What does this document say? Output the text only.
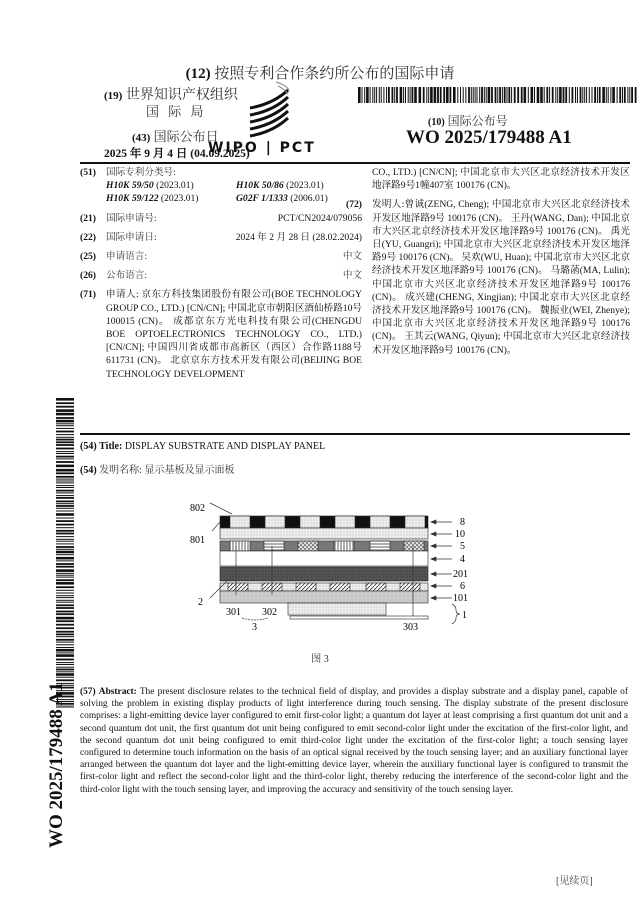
(12) 按照专利合作条约所公布的国际申请
(19) 世界知识产权组织
国 际 局
(43) 国际公布日
2025 年 9 月 4 日 (04.09.2025)
WIPO | PCT
(10) 国际公布号
WO 2025/179488 A1
(51)	国际专利分类号:
H10K 59/50 (2023.01)	H10K 50/86 (2023.01)
H10K 59/122 (2023.01)	G02F 1/1333 (2006.01)
(21)	国际申请号:	PCT/CN2024/079056
(22)	国际申请日:	2024 年 2 月 28 日 (28.02.2024)
(25)	申请语言:	中文
(26)	公布语言:	中文
(71)	申请人: 京东方科技集团股份有限公司(BOE TECHNOLOGY GROUP CO., LTD.) [CN/CN]; 中国北京市朝阳区酒仙桥路10号 100015 (CN)。 成都京东方光电科技有限公司(CHENGDU BOE OPTOELECTRONICS TECHNOLOGY CO., LTD.) [CN/CN]; 中国四川省成都市高新区（西区）合作路1188号 611731 (CN)。 北京京东方技术开发有限公司(BEIJING BOE TECHNOLOGY DEVELOPMENT
CO., LTD.) [CN/CN]; 中国北京市大兴区北京经济技术开发区地泽路9号1幢407室 100176 (CN)。
(72)	发明人:曾诚(ZENG, Cheng); 中国北京市大兴区北京经济技术开发区地泽路9号 100176 (CN)。 王丹(WANG, Dan); 中国北京市大兴区北京经济技术开发区地泽路9号 100176 (CN)。 禹光日(YU, Guangri); 中国北京市大兴区北京经济技术开发区地泽路9号 100176 (CN)。 吴欢(WU, Huan); 中国北京市大兴区北京经济技术开发区地泽路9号 100176 (CN)。 马璐菡(MA, Lulin); 中国北京市大兴区北京经济技术开发区地泽路9号 100176 (CN)。 成兴建(CHENG, Xingjian); 中国北京市大兴区北京经济技术开发区地泽路9号 100176 (CN)。 魏振业(WEI, Zhenye); 中国北京市大兴区北京经济技术开发区地泽路9号 100176 (CN)。 王其云(WANG, Qiyun); 中国北京市大兴区北京经济技术开发区地泽路9号 100176 (CN)。
WO 2025/179488 A1
(54) Title: DISPLAY SUBSTRATE AND DISPLAY PANEL
(54) 发明名称: 显示基板及显示面板
802
801
2
301 302
3	303
8
10
5
4
201
6
101
1
图 3
(57) Abstract: The present disclosure relates to the technical field of display, and provides a display substrate and a display panel, capable of solving the problem in existing display products of light interference during touch sensing. The display substrate of the present disclosure comprises: a light-emitting device layer configured to emit first-color light; a quantum dot layer at least comprising a first quantum dot unit and a second quantum dot unit, the first quantum dot unit being configured to emit second-color light under the excitation of the first-color light, and the second quantum dot unit being configured to emit third-color light under the excitation of the first-color light; a touch sensing layer configured to determine touch information on the basis of an optical signal received by the touch sensing layer; and an auxiliary functional layer arranged between the quantum dot layer and the light-emitting device layer, wherein the auxiliary functional layer is configured to transmit the first-color light and reflect the second-color light and the third-color light, thereby reducing the interference of the second-color light and the third-color light with the touch sensing layer, and improving the accuracy and sensitivity of the touch sensing layer.
[见续页]
